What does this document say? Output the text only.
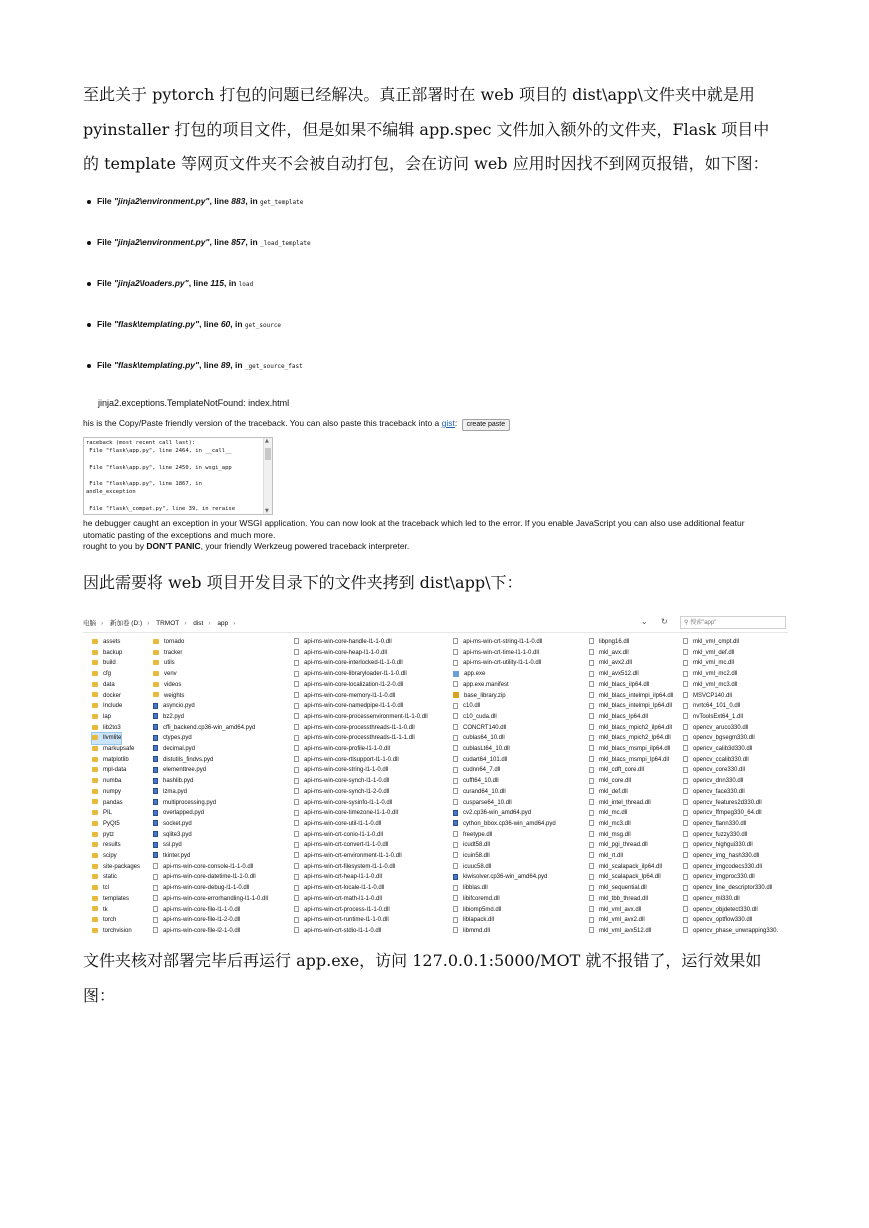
至此关于 pytorch 打包的问题已经解决。真正部署时在 web 项目的 dist\app\文件夹中就是用
pyinstaller 打包的项目文件，但是如果不编辑 app.spec 文件加入额外的文件夹，Flask 项目中
的 template 等网页文件夹不会被自动打包，会在访问 web 应用时因找不到网页报错，如下图：
File "jinja2\environment.py", line 883, in get_template
File "jinja2\environment.py", line 857, in _load_template
File "jinja2\loaders.py", line 115, in load
File "flask\templating.py", line 60, in get_source
File "flask\templating.py", line 89, in _get_source_fast
jinja2.exceptions.TemplateNotFound: index.html
his is the Copy/Paste friendly version of the traceback. You can also paste this traceback into a gist: create paste
raceback (most recent call last):
File "flask\app.py", line 2464, in __call__

File "flask\app.py", line 2450, in wsgi_app

File "flask\app.py", line 1867, in
andle_exception

File "flask\_compat.py", line 39, in reraise
▲
▼
he debugger caught an exception in your WSGI application. You can now look at the traceback which led to the error. If you enable JavaScript you can also use additional featur
utomatic pasting of the exceptions and much more.
rought to you by DON'T PANIC, your friendly Werkzeug powered traceback interpreter.
因此需要将 web 项目开发目录下的文件夹拷到 dist\app\下：
电脑 › 新加卷 (D:) › TRMOT › dist › app ›	⌄ ↻	⚲ 搜索"app"
assets
backup
build
cfg
data
docker
Include
lap
lib2to3
llvmlite
markupsafe
matplotlib
mpl-data
numba
numpy
pandas
PIL
PyQt5
pytz
results
scipy
site-packages
static
tcl
templates
tk
torch
torchvision
tornado
tracker
utils
venv
videos
weights
asyncio.pyd
bz2.pyd
cffi_backend.cp36-win_amd64.pyd
ctypes.pyd
decimal.pyd
distutils_findvs.pyd
elementtree.pyd
hashlib.pyd
lzma.pyd
multiprocessing.pyd
overlapped.pyd
socket.pyd
sqlite3.pyd
ssl.pyd
tkinter.pyd
api-ms-win-core-console-l1-1-0.dll
api-ms-win-core-datetime-l1-1-0.dll
api-ms-win-core-debug-l1-1-0.dll
api-ms-win-core-errorhandling-l1-1-0.dll
api-ms-win-core-file-l1-1-0.dll
api-ms-win-core-file-l1-2-0.dll
api-ms-win-core-file-l2-1-0.dll
api-ms-win-core-handle-l1-1-0.dll
api-ms-win-core-heap-l1-1-0.dll
api-ms-win-core-interlocked-l1-1-0.dll
api-ms-win-core-libraryloader-l1-1-0.dll
api-ms-win-core-localization-l1-2-0.dll
api-ms-win-core-memory-l1-1-0.dll
api-ms-win-core-namedpipe-l1-1-0.dll
api-ms-win-core-processenvironment-l1-1-0.dll
api-ms-win-core-processthreads-l1-1-0.dll
api-ms-win-core-processthreads-l1-1-1.dll
api-ms-win-core-profile-l1-1-0.dll
api-ms-win-core-rtlsupport-l1-1-0.dll
api-ms-win-core-string-l1-1-0.dll
api-ms-win-core-synch-l1-1-0.dll
api-ms-win-core-synch-l1-2-0.dll
api-ms-win-core-sysinfo-l1-1-0.dll
api-ms-win-core-timezone-l1-1-0.dll
api-ms-win-core-util-l1-1-0.dll
api-ms-win-crt-conio-l1-1-0.dll
api-ms-win-crt-convert-l1-1-0.dll
api-ms-win-crt-environment-l1-1-0.dll
api-ms-win-crt-filesystem-l1-1-0.dll
api-ms-win-crt-heap-l1-1-0.dll
api-ms-win-crt-locale-l1-1-0.dll
api-ms-win-crt-math-l1-1-0.dll
api-ms-win-crt-process-l1-1-0.dll
api-ms-win-crt-runtime-l1-1-0.dll
api-ms-win-crt-stdio-l1-1-0.dll
api-ms-win-crt-string-l1-1-0.dll
api-ms-win-crt-time-l1-1-0.dll
api-ms-win-crt-utility-l1-1-0.dll
app.exe
app.exe.manifest
base_library.zip
c10.dll
c10_cuda.dll
CONCRT140.dll
cublas64_10.dll
cublasLt64_10.dll
cudart64_101.dll
cudnn64_7.dll
cufft64_10.dll
curand64_10.dll
cusparse64_10.dll
cv2.cp36-win_amd64.pyd
cython_bbox.cp36-win_amd64.pyd
freetype.dll
icudt58.dll
icuin58.dll
icuuc58.dll
kiwisolver.cp36-win_amd64.pyd
libblas.dll
libifcoremd.dll
libiomp5md.dll
liblapack.dll
libmmd.dll
libpng16.dll
mkl_avx.dll
mkl_avx2.dll
mkl_avx512.dll
mkl_blacs_ilp64.dll
mkl_blacs_intelmpi_ilp64.dll
mkl_blacs_intelmpi_lp64.dll
mkl_blacs_lp64.dll
mkl_blacs_mpich2_ilp64.dll
mkl_blacs_mpich2_lp64.dll
mkl_blacs_msmpi_ilp64.dll
mkl_blacs_msmpi_lp64.dll
mkl_cdft_core.dll
mkl_core.dll
mkl_def.dll
mkl_intel_thread.dll
mkl_mc.dll
mkl_mc3.dll
mkl_msg.dll
mkl_pgi_thread.dll
mkl_rt.dll
mkl_scalapack_ilp64.dll
mkl_scalapack_lp64.dll
mkl_sequential.dll
mkl_tbb_thread.dll
mkl_vml_avx.dll
mkl_vml_avx2.dll
mkl_vml_avx512.dll
mkl_vml_cmpt.dll
mkl_vml_def.dll
mkl_vml_mc.dll
mkl_vml_mc2.dll
mkl_vml_mc3.dll
MSVCP140.dll
nvrtc64_101_0.dll
nvToolsExt64_1.dll
opencv_aruco330.dll
opencv_bgsegm330.dll
opencv_calib3d330.dll
opencv_ccalib330.dll
opencv_core330.dll
opencv_dnn330.dll
opencv_face330.dll
opencv_features2d330.dll
opencv_ffmpeg330_64.dll
opencv_flann330.dll
opencv_fuzzy330.dll
opencv_highgui330.dll
opencv_img_hash330.dll
opencv_imgcodecs330.dll
opencv_imgproc330.dll
opencv_line_descriptor330.dll
opencv_ml330.dll
opencv_objdetect330.dll
opencv_optflow330.dll
opencv_phase_unwrapping330.
文件夹核对部署完毕后再运行 app.exe，访问 127.0.0.1:5000/MOT 就不报错了，运行效果如
图：
